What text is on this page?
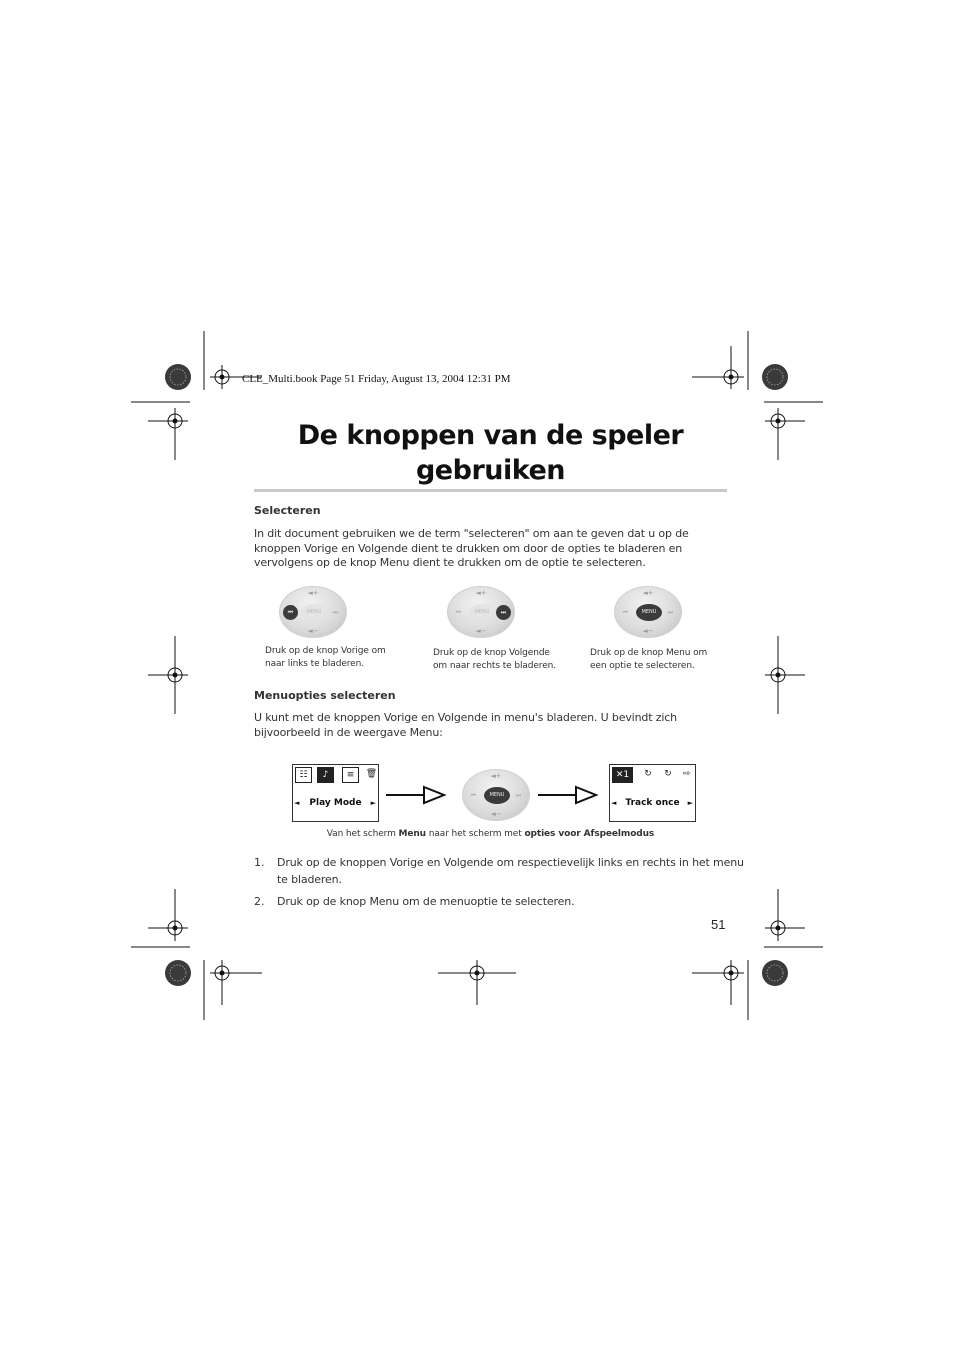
CLE_Multi.book Page 51 Friday, August 13, 2004 12:31 PM
De knoppen van de speler
gebruiken
Selecteren
In dit document gebruiken we de term "selecteren" om aan te geven dat u op de knoppen Vorige en Volgende dient te drukken om door de opties te bladeren en vervolgens op de knop Menu dient te drukken om de optie te selecteren.
◄+
⏮	MENU	⏭
◄−
◄+
⏮	MENU	⏭
◄−
◄+
⏮	MENU	⏭
◄−
Druk op de knop Vorige om
naar links te bladeren.
Druk op de knop Volgende
om naar rechts te bladeren.
Druk op de knop Menu om
een optie te selecteren.
Menuopties selecteren
U kunt met de knoppen Vorige en Volgende in menu's bladeren. U bevindt zich bijvoorbeeld in de weergave Menu:
☷	♪	≡	🗑
◄	Play Mode	►
◄+
⏮	MENU	⏭
◄−
✕1	↻	↻	⇨
◄	Track once	►
Van het scherm Menu naar het scherm met opties voor Afspeelmodus
1. Druk op de knoppen Vorige en Volgende om respectievelijk links en rechts in het menu
te bladeren.
2. Druk op de knop Menu om de menuoptie te selecteren.
51
